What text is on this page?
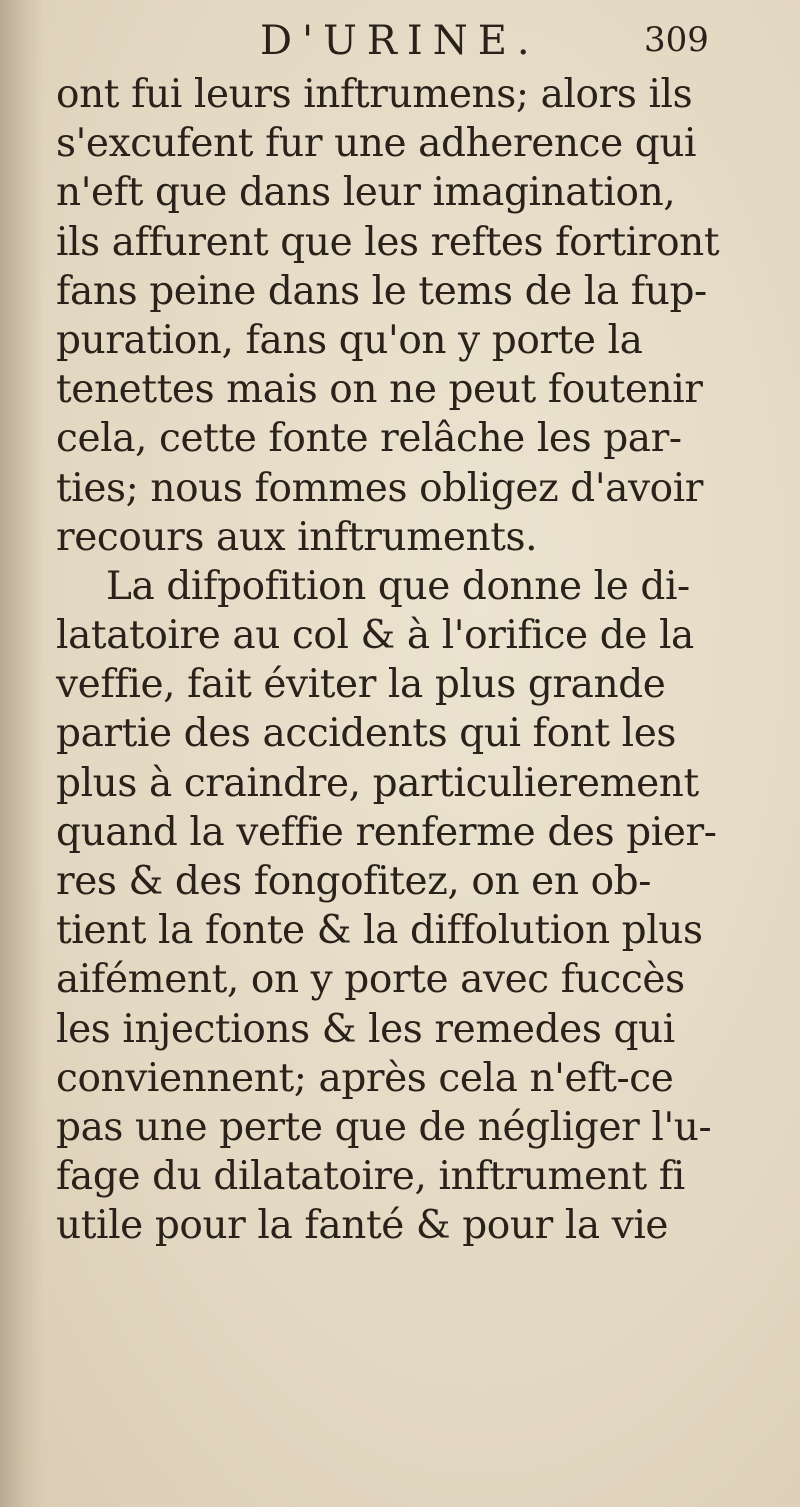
D'URINE.	309
ont fui leurs inftrumens; alors ils
s'excufent fur une adherence qui
n'eft que dans leur imagination,
ils affurent que les reftes fortiront
fans peine dans le tems de la fup-
puration, fans qu'on y porte la
tenettes mais on ne peut foutenir
cela, cette fonte relâche les par-
ties; nous fommes obligez d'avoir
recours aux inftruments.
La difpofition que donne le di-
latatoire au col & à l'orifice de la
veffie, fait éviter la plus grande
partie des accidents qui font les
plus à craindre, particulierement
quand la veffie renferme des pier-
res & des fongofitez, on en ob-
tient la fonte & la diffolution plus
aifément, on y porte avec fuccès
les injections & les remedes qui
conviennent; après cela n'eft-ce
pas une perte que de négliger l'u-
fage du dilatatoire, inftrument fi
utile pour la fanté & pour la vie
